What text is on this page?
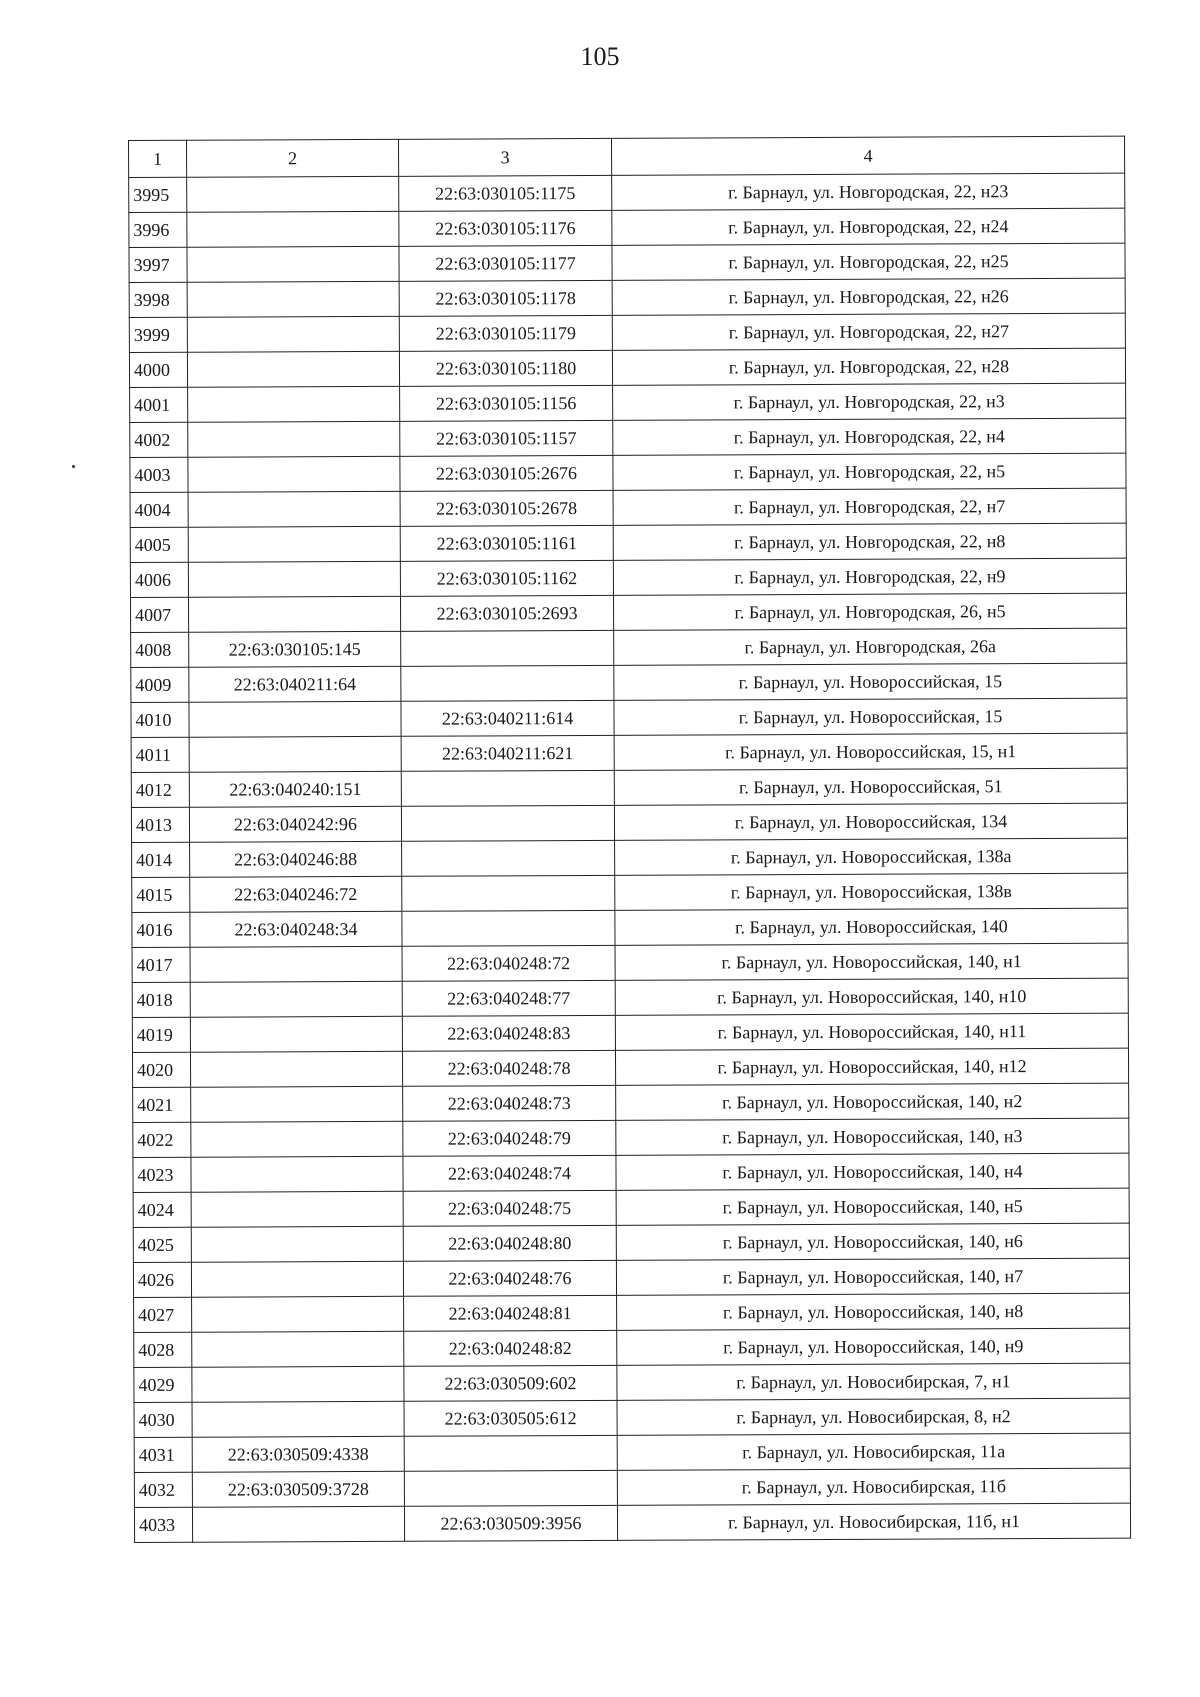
105
1	2	3	4
3995		22:63:030105:1175	г. Барнаул, ул. Новгородская, 22, н23
3996		22:63:030105:1176	г. Барнаул, ул. Новгородская, 22, н24
3997		22:63:030105:1177	г. Барнаул, ул. Новгородская, 22, н25
3998		22:63:030105:1178	г. Барнаул, ул. Новгородская, 22, н26
3999		22:63:030105:1179	г. Барнаул, ул. Новгородская, 22, н27
4000		22:63:030105:1180	г. Барнаул, ул. Новгородская, 22, н28
4001		22:63:030105:1156	г. Барнаул, ул. Новгородская, 22, н3
4002		22:63:030105:1157	г. Барнаул, ул. Новгородская, 22, н4
4003		22:63:030105:2676	г. Барнаул, ул. Новгородская, 22, н5
4004		22:63:030105:2678	г. Барнаул, ул. Новгородская, 22, н7
4005		22:63:030105:1161	г. Барнаул, ул. Новгородская, 22, н8
4006		22:63:030105:1162	г. Барнаул, ул. Новгородская, 22, н9
4007		22:63:030105:2693	г. Барнаул, ул. Новгородская, 26, н5
4008	22:63:030105:145		г. Барнаул, ул. Новгородская, 26а
4009	22:63:040211:64		г. Барнаул, ул. Новороссийская, 15
4010		22:63:040211:614	г. Барнаул, ул. Новороссийская, 15
4011		22:63:040211:621	г. Барнаул, ул. Новороссийская, 15, н1
4012	22:63:040240:151		г. Барнаул, ул. Новороссийская, 51
4013	22:63:040242:96		г. Барнаул, ул. Новороссийская, 134
4014	22:63:040246:88		г. Барнаул, ул. Новороссийская, 138а
4015	22:63:040246:72		г. Барнаул, ул. Новороссийская, 138в
4016	22:63:040248:34		г. Барнаул, ул. Новороссийская, 140
4017		22:63:040248:72	г. Барнаул, ул. Новороссийская, 140, н1
4018		22:63:040248:77	г. Барнаул, ул. Новороссийская, 140, н10
4019		22:63:040248:83	г. Барнаул, ул. Новороссийская, 140, н11
4020		22:63:040248:78	г. Барнаул, ул. Новороссийская, 140, н12
4021		22:63:040248:73	г. Барнаул, ул. Новороссийская, 140, н2
4022		22:63:040248:79	г. Барнаул, ул. Новороссийская, 140, н3
4023		22:63:040248:74	г. Барнаул, ул. Новороссийская, 140, н4
4024		22:63:040248:75	г. Барнаул, ул. Новороссийская, 140, н5
4025		22:63:040248:80	г. Барнаул, ул. Новороссийская, 140, н6
4026		22:63:040248:76	г. Барнаул, ул. Новороссийская, 140, н7
4027		22:63:040248:81	г. Барнаул, ул. Новороссийская, 140, н8
4028		22:63:040248:82	г. Барнаул, ул. Новороссийская, 140, н9
4029		22:63:030509:602	г. Барнаул, ул. Новосибирская, 7, н1
4030		22:63:030505:612	г. Барнаул, ул. Новосибирская, 8, н2
4031	22:63:030509:4338		г. Барнаул, ул. Новосибирская, 11а
4032	22:63:030509:3728		г. Барнаул, ул. Новосибирская, 11б
4033		22:63:030509:3956	г. Барнаул, ул. Новосибирская, 11б, н1
